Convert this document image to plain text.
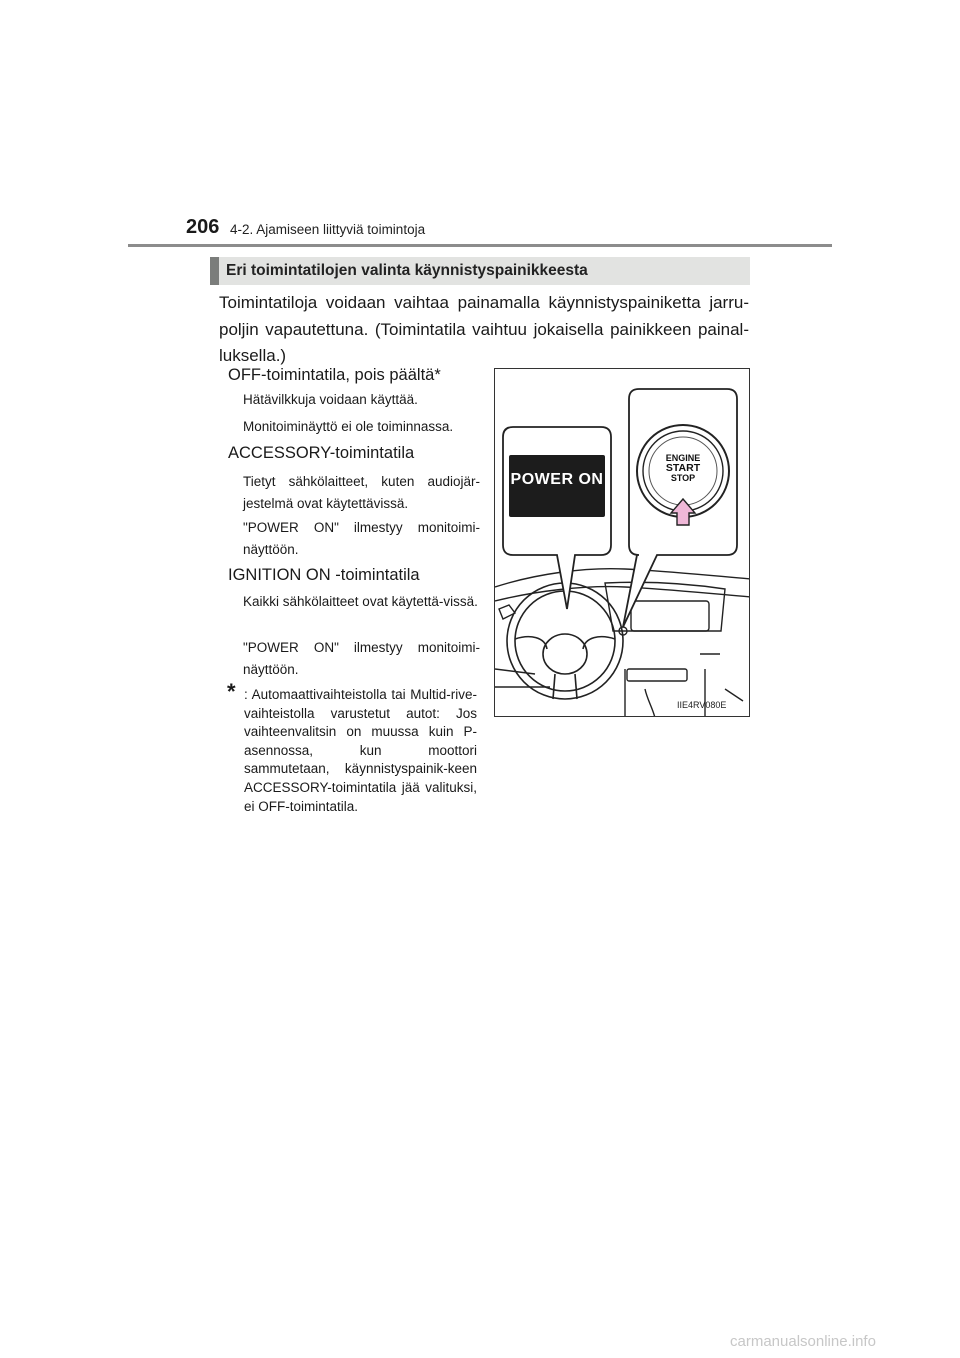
206 4-2. Ajamiseen liittyviä toimintoja
Eri toimintatilojen valinta käynnistyspainikkeesta
Toimintatiloja voidaan vaihtaa painamalla käynnistyspainiketta jarru-poljin vapautettuna. (Toimintatila vaihtuu jokaisella painikkeen painal-luksella.)
OFF-toimintatila, pois päältä*
Hätävilkkuja voidaan käyttää.
Monitoiminäyttö ei ole toiminnassa.
ACCESSORY-toimintatila
Tietyt sähkölaitteet, kuten audiojär-jestelmä ovat käytettävissä.
"POWER ON" ilmestyy monitoimi-näyttöön.
IGNITION ON -toimintatila
Kaikki sähkölaitteet ovat käytettä-vissä.
"POWER ON" ilmestyy monitoimi-näyttöön.
* : Automaattivaihteistolla tai Multid-rive-vaihteistolla varustetut autot: Jos vaihteenvalitsin on muussa kuin P-asennossa, kun moottori sammutetaan, käynnistyspainik-keen ACCESSORY-toimintatila jää valituksi, ei OFF-toimintatila.
POWER ON
ENGINE
START
STOP
IIE4RV080E
carmanualsonline.info
